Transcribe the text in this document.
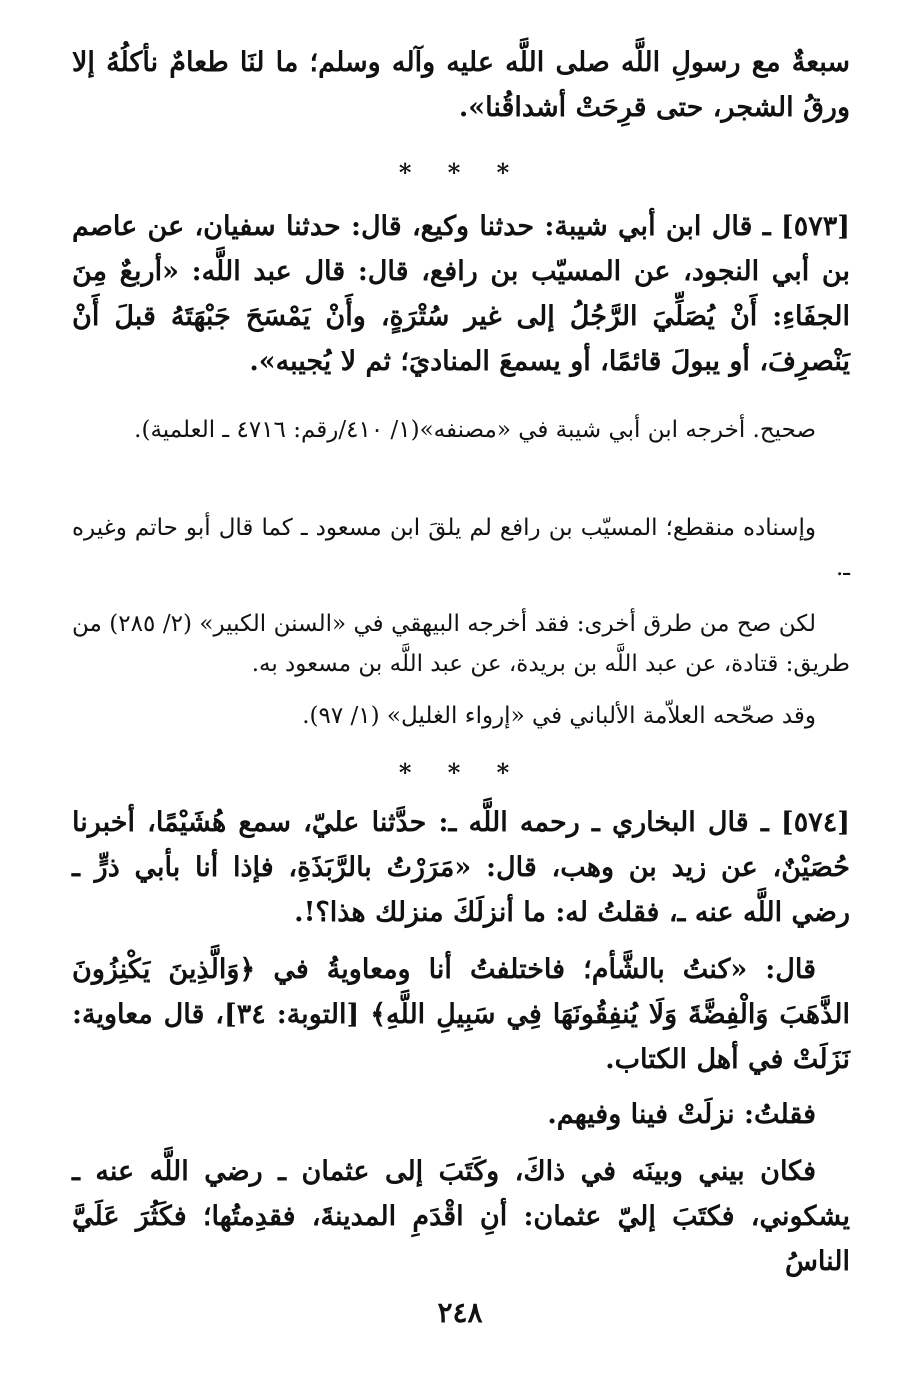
سبعةٌ مع رسولِ اللَّه صلى اللَّه عليه وآله وسلم؛ ما لنَا طعامٌ نأكلُهُ إلا ورقُ الشجر، حتى قرِحَتْ أشداقُنا».

* * *

[٥٧٣] ـ قال ابن أبي شيبة: حدثنا وكيع، قال: حدثنا سفيان، عن عاصم بن أبي النجود، عن المسيّب بن رافع، قال: قال عبد اللَّه: «أربعٌ مِنَ الجفَاءِ: أَنْ يُصَلِّيَ الرَّجُلُ إلى غير سُتْرَةٍ، وأَنْ يَمْسَحَ جَبْهَتَهُ قبلَ أَنْ يَنْصرِفَ، أو يبولَ قائمًا، أو يسمعَ المناديَ؛ ثم لا يُجيبه».

صحيح. أخرجه ابن أبي شيبة في «مصنفه»(١/ ٤١٠/رقم: ٤٧١٦ ـ العلمية).

وإسناده منقطع؛ المسيّب بن رافع لم يلقَ ابن مسعود ـ كما قال أبو حاتم وغيره ـ.

لكن صح من طرق أخرى: فقد أخرجه البيهقي في «السنن الكبير» (٢/ ٢٨٥) من طريق: قتادة، عن عبد اللَّه بن بريدة، عن عبد اللَّه بن مسعود به.

وقد صحّحه العلاّمة الألباني في «إرواء الغليل» (١/ ٩٧).

* * *

[٥٧٤] ـ قال البخاري ـ رحمه اللَّه ـ: حدَّثنا عليّ، سمع هُشَيْمًا، أخبرنا حُصَيْنٌ، عن زيد بن وهب، قال: «مَرَرْتُ بالرَّبَذَةِ، فإذا أنا بأبي ذرٍّ ـ رضي اللَّه عنه ـ، فقلتُ له: ما أنزلَكَ منزلك هذا؟!.

قال: «كنتُ بالشَّأم؛ فاختلفتُ أنا ومعاويةُ في ﴿وَالَّذِينَ يَكْنِزُونَ الذَّهَبَ وَالْفِضَّةَ وَلَا يُنفِقُونَهَا فِي سَبِيلِ اللَّهِ﴾ [التوبة: ٣٤]، قال معاوية: نَزَلَتْ في أهل الكتاب.

فقلتُ: نزلَتْ فينا وفيهم.

فكان بيني وبينَه في ذاكَ، وكَتَبَ إلى عثمان ـ رضي اللَّه عنه ـ يشكوني، فكتَبَ إليّ عثمان: أنِ اقْدَمِ المدينةَ، فقدِمتُها؛ فكَثُرَ عَلَيَّ الناسُ

٢٤٨
